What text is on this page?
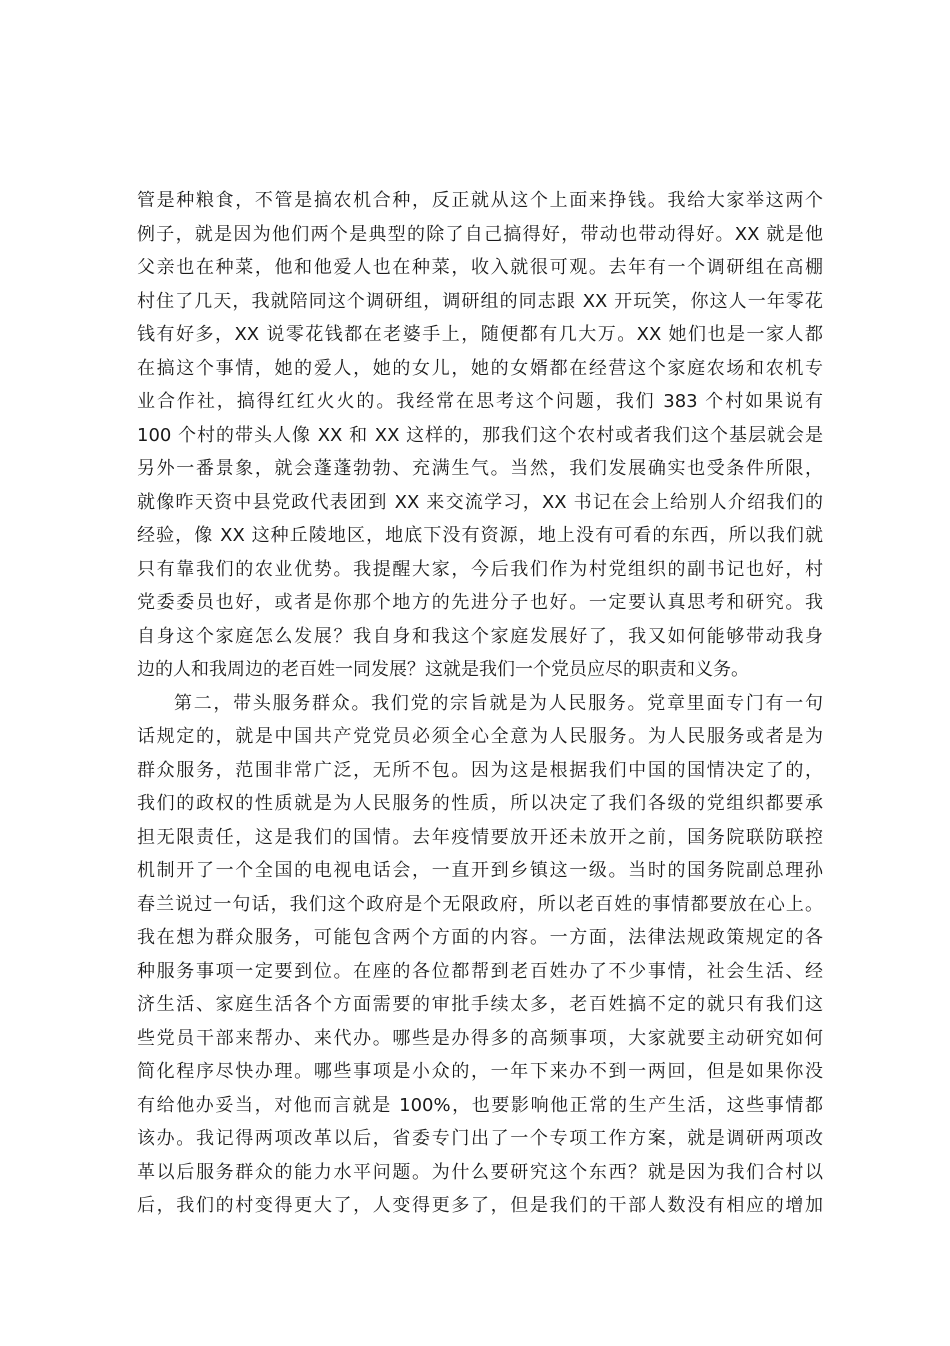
管是种粮食，不管是搞农机合种，反正就从这个上面来挣钱。我给大家举这两个
例子，就是因为他们两个是典型的除了自己搞得好，带动也带动得好。XX 就是他
父亲也在种菜，他和他爱人也在种菜，收入就很可观。去年有一个调研组在高棚
村住了几天，我就陪同这个调研组，调研组的同志跟 XX 开玩笑，你这人一年零花
钱有好多，XX 说零花钱都在老婆手上，随便都有几大万。XX 她们也是一家人都
在搞这个事情，她的爱人，她的女儿，她的女婿都在经营这个家庭农场和农机专
业合作社，搞得红红火火的。我经常在思考这个问题，我们 383 个村如果说有
100 个村的带头人像 XX 和 XX 这样的，那我们这个农村或者我们这个基层就会是
另外一番景象，就会蓬蓬勃勃、充满生气。当然，我们发展确实也受条件所限，
就像昨天资中县党政代表团到 XX 来交流学习，XX 书记在会上给别人介绍我们的
经验，像 XX 这种丘陵地区，地底下没有资源，地上没有可看的东西，所以我们就
只有靠我们的农业优势。我提醒大家，今后我们作为村党组织的副书记也好，村
党委委员也好，或者是你那个地方的先进分子也好。一定要认真思考和研究。我
自身这个家庭怎么发展？我自身和我这个家庭发展好了，我又如何能够带动我身
边的人和我周边的老百姓一同发展？这就是我们一个党员应尽的职责和义务。
第二，带头服务群众。我们党的宗旨就是为人民服务。党章里面专门有一句
话规定的，就是中国共产党党员必须全心全意为人民服务。为人民服务或者是为
群众服务，范围非常广泛，无所不包。因为这是根据我们中国的国情决定了的，
我们的政权的性质就是为人民服务的性质，所以决定了我们各级的党组织都要承
担无限责任，这是我们的国情。去年疫情要放开还未放开之前，国务院联防联控
机制开了一个全国的电视电话会，一直开到乡镇这一级。当时的国务院副总理孙
春兰说过一句话，我们这个政府是个无限政府，所以老百姓的事情都要放在心上。
我在想为群众服务，可能包含两个方面的内容。一方面，法律法规政策规定的各
种服务事项一定要到位。在座的各位都帮到老百姓办了不少事情，社会生活、经
济生活、家庭生活各个方面需要的审批手续太多，老百姓搞不定的就只有我们这
些党员干部来帮办、来代办。哪些是办得多的高频事项，大家就要主动研究如何
简化程序尽快办理。哪些事项是小众的，一年下来办不到一两回，但是如果你没
有给他办妥当，对他而言就是 100%，也要影响他正常的生产生活，这些事情都
该办。我记得两项改革以后，省委专门出了一个专项工作方案，就是调研两项改
革以后服务群众的能力水平问题。为什么要研究这个东西？就是因为我们合村以
后，我们的村变得更大了，人变得更多了，但是我们的干部人数没有相应的增加
